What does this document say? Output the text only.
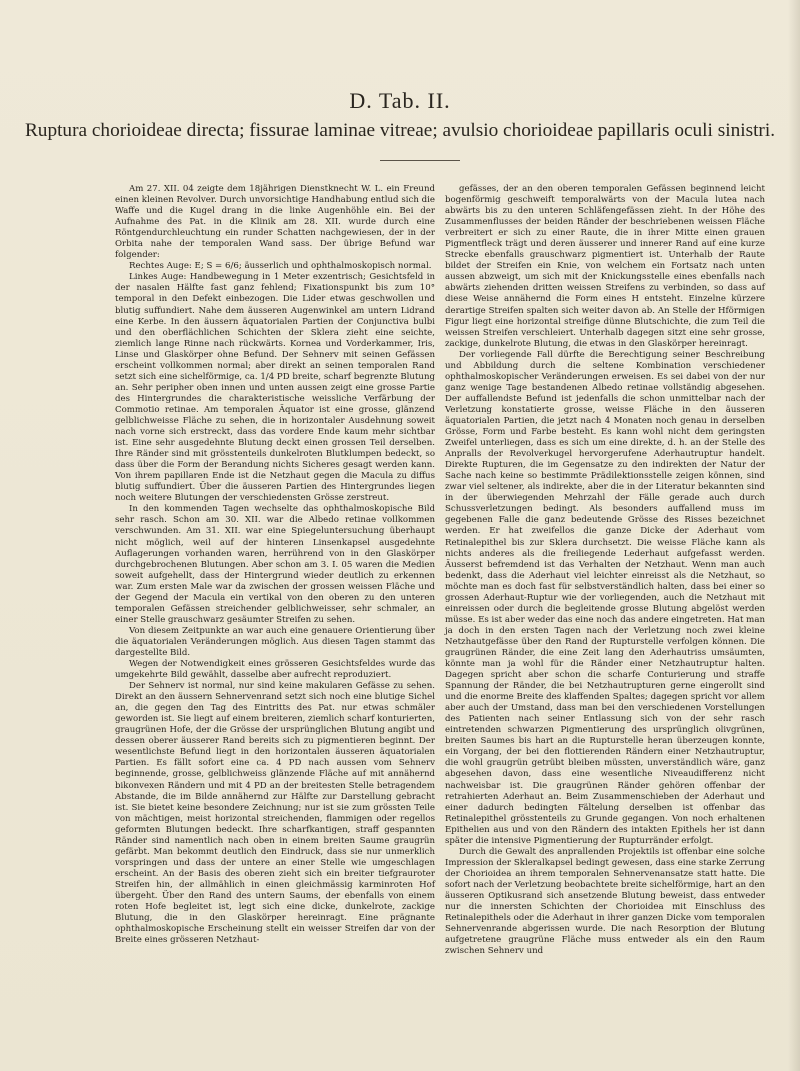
D. Tab. II.
Ruptura chorioideae directa; fissurae laminae vitreae; avulsio chorioideae papillaris oculi sinistri.

Am 27. XII. 04 zeigte dem 18jährigen Dienstknecht W. L. ein Freund einen kleinen Revolver. Durch unvorsichtige Handhabung entlud sich die Waffe und die Kugel drang in die linke Augenhöhle ein. Bei der Aufnahme des Pat. in die Klinik am 28. XII. wurde durch eine Röntgendurchleuchtung ein runder Schatten nachgewiesen, der in der Orbita nahe der temporalen Wand sass. Der übrige Befund war folgender:

Rechtes Auge: E; S = 6/6; äusserlich und ophthalmoskopisch normal.

Linkes Auge: Handbewegung in 1 Meter exzentrisch; Gesichtsfeld in der nasalen Hälfte fast ganz fehlend; Fixationspunkt bis zum 10° temporal in den Defekt einbezogen. Die Lider etwas geschwollen und blutig suffundiert. Nahe dem äusseren Augenwinkel am untern Lidrand eine Kerbe. In den äussern äquatorialen Partien der Conjunctiva bulbi und den oberflächlichen Schichten der Sklera zieht eine seichte, ziemlich lange Rinne nach rückwärts. Kornea und Vorderkammer, Iris, Linse und Glaskörper ohne Befund. Der Sehnerv mit seinen Gefässen erscheint vollkommen normal; aber direkt an seinen temporalen Rand setzt sich eine sichelförmige, ca. 1/4 PD breite, scharf begrenzte Blutung an. Sehr peripher oben innen und unten aussen zeigt eine grosse Partie des Hintergrundes die charakteristische weissliche Verfärbung der Commotio retinae. Am temporalen Äquator ist eine grosse, glänzend gelblichweisse Fläche zu sehen, die in horizontaler Ausdehnung soweit nach vorne sich erstreckt, dass das vordere Ende kaum mehr sichtbar ist. Eine sehr ausgedehnte Blutung deckt einen grossen Teil derselben. Ihre Ränder sind mit grösstenteils dunkelroten Blutklumpen bedeckt, so dass über die Form der Berandung nichts Sicheres gesagt werden kann. Von ihrem papillaren Ende ist die Netzhaut gegen die Macula zu diffus blutig suffundiert. Über die äusseren Partien des Hintergrundes liegen noch weitere Blutungen der verschiedensten Grösse zerstreut.

In den kommenden Tagen wechselte das ophthalmoskopische Bild sehr rasch. Schon am 30. XII. war die Albedo retinae vollkommen verschwunden. Am 31. XII. war eine Spiegeluntersuchung überhaupt nicht möglich, weil auf der hinteren Linsenkapsel ausgedehnte Auflagerungen vorhanden waren, herrührend von in den Glaskörper durchgebrochenen Blutungen. Aber schon am 3. I. 05 waren die Medien soweit aufgehellt, dass der Hintergrund wieder deutlich zu erkennen war. Zum ersten Male war da zwischen der grossen weissen Fläche und der Gegend der Macula ein vertikal von den oberen zu den unteren temporalen Gefässen streichender gelblichweisser, sehr schmaler, an einer Stelle grauschwarz gesäumter Streifen zu sehen.

Von diesem Zeitpunkte an war auch eine genauere Orientierung über die äquatorialen Veränderungen möglich. Aus diesen Tagen stammt das dargestellte Bild.

Wegen der Notwendigkeit eines grösseren Gesichtsfeldes wurde das umgekehrte Bild gewählt, dasselbe aber aufrecht reproduziert.

Der Sehnerv ist normal, nur sind keine makularen Gefässe zu sehen. Direkt an den äussern Sehnervenrand setzt sich noch eine blutige Sichel an, die gegen den Tag des Eintritts des Pat. nur etwas schmäler geworden ist. Sie liegt auf einem breiteren, ziemlich scharf konturierten, graugrünen Hofe, der die Grösse der ursprünglichen Blutung angibt und dessen oberer äusserer Rand bereits sich zu pigmentieren beginnt. Der wesentlichste Befund liegt in den horizontalen äusseren äquatorialen Partien. Es fällt sofort eine ca. 4 PD nach aussen vom Sehnerv beginnende, grosse, gelblichweiss glänzende Fläche auf mit annähernd bikonvexen Rändern und mit 4 PD an der breitesten Stelle betragendem Abstande, die im Bilde annähernd zur Hälfte zur Darstellung gebracht ist. Sie bietet keine besondere Zeichnung; nur ist sie zum grössten Teile von mächtigen, meist horizontal streichenden, flammigen oder regellos geformten Blutungen bedeckt. Ihre scharfkantigen, straff gespannten Ränder sind namentlich nach oben in einem breiten Saume graugrün gefärbt. Man bekommt deutlich den Eindruck, dass sie nur unmerklich vorspringen und dass der untere an einer Stelle wie umgeschlagen erscheint. An der Basis des oberen zieht sich ein breiter tiefgrauroter Streifen hin, der allmählich in einen gleichmässig karminroten Hof übergeht. Über den Rand des untern Saums, der ebenfalls von einem roten Hofe begleitet ist, legt sich eine dicke, dunkelrote, zackige Blutung, die in den Glaskörper hereinragt. Eine prägnante ophthalmoskopische Erscheinung stellt ein weisser Streifen dar von der Breite eines grösseren Netzhaut-

gefässes, der an den oberen temporalen Gefässen beginnend leicht bogenförmig geschweift temporalwärts von der Macula lutea nach abwärts bis zu den unteren Schläfengefässen zieht. In der Höhe des Zusammenflusses der beiden Ränder der beschriebenen weissen Fläche verbreitert er sich zu einer Raute, die in ihrer Mitte einen grauen Pigmentfleck trägt und deren äusserer und innerer Rand auf eine kurze Strecke ebenfalls grauschwarz pigmentiert ist. Unterhalb der Raute bildet der Streifen ein Knie, von welchem ein Fortsatz nach unten aussen abzweigt, um sich mit der Knickungsstelle eines ebenfalls nach abwärts ziehenden dritten weissen Streifens zu verbinden, so dass auf diese Weise annähernd die Form eines H entsteht. Einzelne kürzere derartige Streifen spalten sich weiter davon ab. An Stelle der Hförmigen Figur liegt eine horizontal streifige dünne Blutschichte, die zum Teil die weissen Streifen verschleiert. Unterhalb dagegen sitzt eine sehr grosse, zackige, dunkelrote Blutung, die etwas in den Glaskörper hereinragt.

Der vorliegende Fall dürfte die Berechtigung seiner Beschreibung und Abbildung durch die seltene Kombination verschiedener ophthalmoskopischer Veränderungen erweisen. Es sei dabei von der nur ganz wenige Tage bestandenen Albedo retinae vollständig abgesehen. Der auffallendste Befund ist jedenfalls die schon unmittelbar nach der Verletzung konstatierte grosse, weisse Fläche in den äusseren äquatorialen Partien, die jetzt nach 4 Monaten noch genau in derselben Grösse, Form und Farbe besteht. Es kann wohl nicht dem geringsten Zweifel unterliegen, dass es sich um eine direkte, d. h. an der Stelle des Anpralls der Revolverkugel hervorgerufene Aderhautruptur handelt. Direkte Rupturen, die im Gegensatze zu den indirekten der Natur der Sache nach keine so bestimmte Prädilektionsstelle zeigen können, sind zwar viel seltener, als indirekte, aber die in der Literatur bekannten sind in der überwiegenden Mehrzahl der Fälle gerade auch durch Schussverletzungen bedingt. Als besonders auffallend muss im gegebenen Falle die ganz bedeutende Grösse des Risses bezeichnet werden. Er hat zweifellos die ganze Dicke der Aderhaut vom Retinalepithel bis zur Sklera durchsetzt. Die weisse Fläche kann als nichts anderes als die freiliegende Lederhaut aufgefasst werden. Äusserst befremdend ist das Verhalten der Netzhaut. Wenn man auch bedenkt, dass die Aderhaut viel leichter einreisst als die Netzhaut, so möchte man es doch fast für selbstverständlich halten, dass bei einer so grossen Aderhaut-Ruptur wie der vorliegenden, auch die Netzhaut mit einreissen oder durch die begleitende grosse Blutung abgelöst werden müsse. Es ist aber weder das eine noch das andere eingetreten. Hat man ja doch in den ersten Tagen nach der Verletzung noch zwei kleine Netzhautgefässe über den Rand der Rupturstelle verfolgen können. Die graugrünen Ränder, die eine Zeit lang den Aderhautriss umsäumten, könnte man ja wohl für die Ränder einer Netzhautruptur halten. Dagegen spricht aber schon die scharfe Conturierung und straffe Spannung der Ränder, die bei Netzhautrupturen gerne eingerollt sind und die enorme Breite des klaffenden Spaltes; dagegen spricht vor allem aber auch der Umstand, dass man bei den verschiedenen Vorstellungen des Patienten nach seiner Entlassung sich von der sehr rasch eintretenden schwarzen Pigmentierung des ursprünglich olivgrünen, breiten Saumes bis hart an die Rupturstelle heran überzeugen konnte, ein Vorgang, der bei den flottierenden Rändern einer Netzhautruptur, die wohl graugrün getrübt bleiben müssten, unverständlich wäre, ganz abgesehen davon, dass eine wesentliche Niveaudifferenz nicht nachweisbar ist. Die graugrünen Ränder gehören offenbar der retrahierten Aderhaut an. Beim Zusammenschieben der Aderhaut und einer dadurch bedingten Fältelung derselben ist offenbar das Retinalepithel grösstenteils zu Grunde gegangen. Von noch erhaltenen Epithelien aus und von den Rändern des intakten Epithels her ist dann später die intensive Pigmentierung der Rupturränder erfolgt.

Durch die Gewalt des anprallenden Projektils ist offenbar eine solche Impression der Skleralkapsel bedingt gewesen, dass eine starke Zerrung der Chorioidea an ihrem temporalen Sehnervenansatze statt hatte. Die sofort nach der Verletzung beobachtete breite sichelförmige, hart an den äusseren Optikusrand sich ansetzende Blutung beweist, dass entweder nur die innersten Schichten der Chorioidea mit Einschluss des Retinalepithels oder die Aderhaut in ihrer ganzen Dicke vom temporalen Sehnervenrande abgerissen wurde. Die nach Resorption der Blutung aufgetretene graugrüne Fläche muss entweder als ein den Raum zwischen Sehnerv und
